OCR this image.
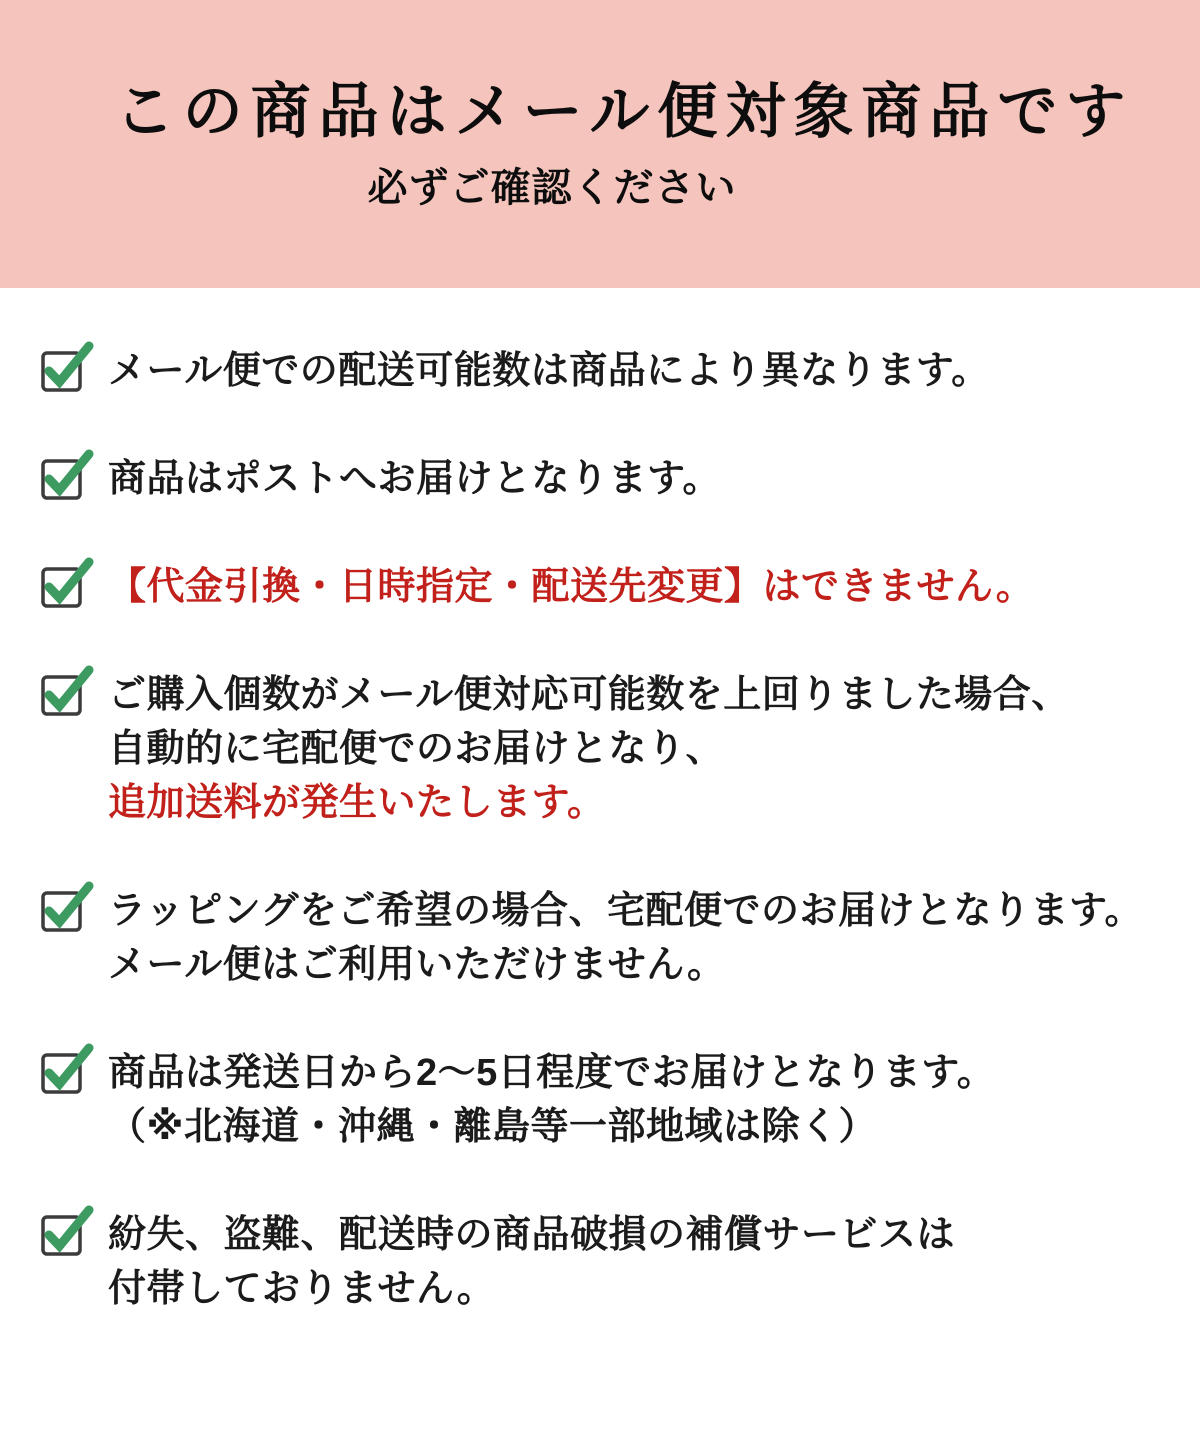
この商品はメール便対象商品です

必ずご確認ください

メール便での配送可能数は商品により異なります。
商品はポストへお届けとなります。
【代金引換・日時指定・配送先変更】はできません。
ご購入個数がメール便対応可能数を上回りました場合、
自動的に宅配便でのお届けとなり、
追加送料が発生いたします。
ラッピングをご希望の場合、宅配便でのお届けとなります。
メール便はご利用いただけません。
商品は発送日から2～5日程度でお届けとなります。
（※北海道・沖縄・離島等一部地域は除く）
紛失、盗難、配送時の商品破損の補償サービスは
付帯しておりません。
